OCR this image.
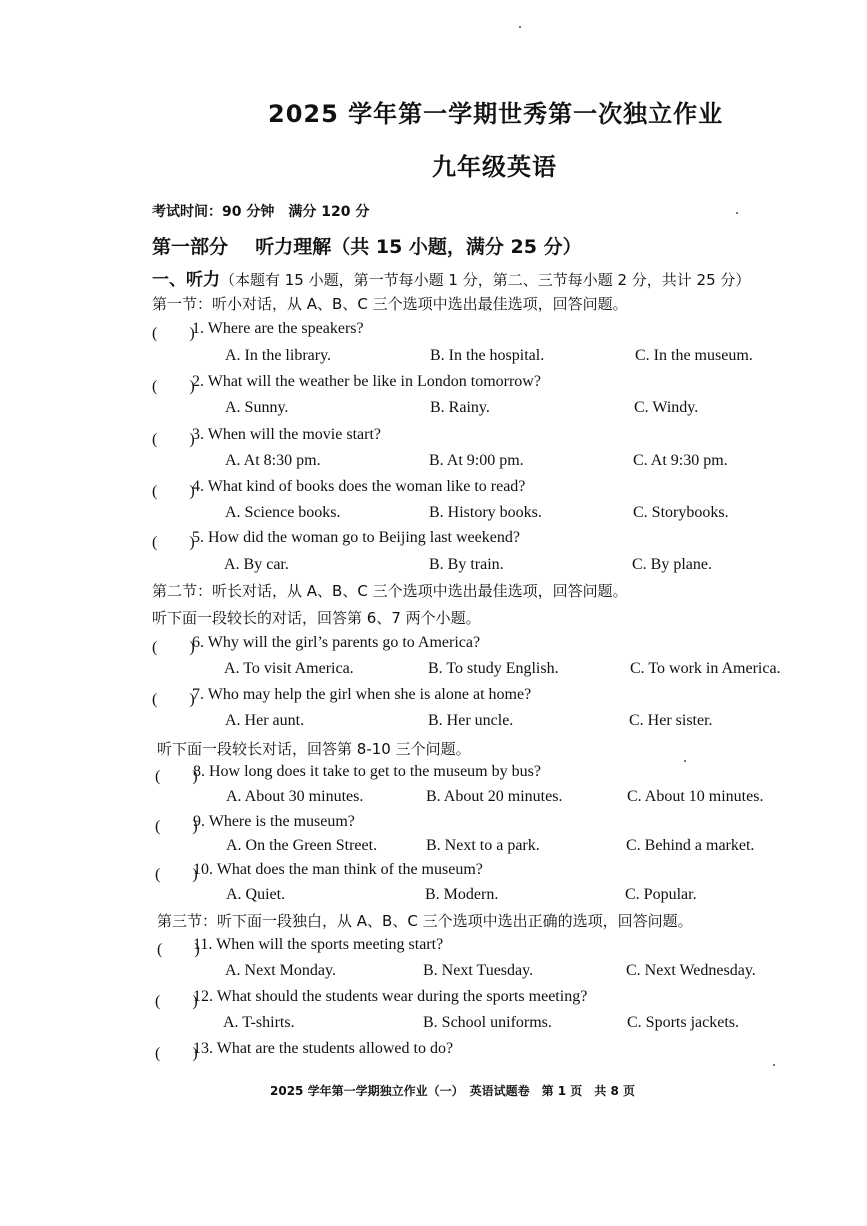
2025 学年第一学期世秀第一次独立作业
九年级英语
考试时间：90 分钟　满分 120 分
第一部分 听力理解（共 15 小题，满分 25 分）
一、听力（本题有 15 小题，第一节每小题 1 分，第二、三节每小题 2 分，共计 25 分）
第一节：听小对话，从 A、B、C 三个选项中选出最佳选项，回答问题。
(　　)
1. Where are the speakers?
A. In the library.	B. In the hospital.	C. In the museum.
(　　)
2. What will the weather be like in London tomorrow?
A. Sunny.	B. Rainy.	C. Windy.
(　　)
3. When will the movie start?
A. At 8:30 pm.	B. At 9:00 pm.	C. At 9:30 pm.
(　　)
4. What kind of books does the woman like to read?
A. Science books.	B. History books.	C. Storybooks.
(　　)
5. How did the woman go to Beijing last weekend?
A. By car.	B. By train.	C. By plane.
(　　)
6. Why will the girl’s parents go to America?
A. To visit America.	B. To study English.	C. To work in America.
(　　)
7. Who may help the girl when she is alone at home?
A. Her aunt.	B. Her uncle.	C. Her sister.
(　　)
8. How long does it take to get to the museum by bus?
A. About 30 minutes.	B. About 20 minutes.	C. About 10 minutes.
(　　)
9. Where is the museum?
A. On the Green Street.	B. Next to a park.	C. Behind a market.
(　　)
10. What does the man think of the museum?
A. Quiet.	B. Modern.	C. Popular.
(　　)
11. When will the sports meeting start?
A. Next Monday.	B. Next Tuesday.	C. Next Wednesday.
(　　)
12. What should the students wear during the sports meeting?
A. T-shirts.	B. School uniforms.	C. Sports jackets.
(　　)
13. What are the students allowed to do?
第二节：听长对话，从 A、B、C 三个选项中选出最佳选项，回答问题。
听下面一段较长的对话，回答第 6、7 两个小题。
听下面一段较长对话，回答第 8-10 三个问题。
第三节：听下面一段独白，从 A、B、C 三个选项中选出正确的选项，回答问题。
2025 学年第一学期独立作业（一）　英语试题卷　第 1 页　共 8 页
